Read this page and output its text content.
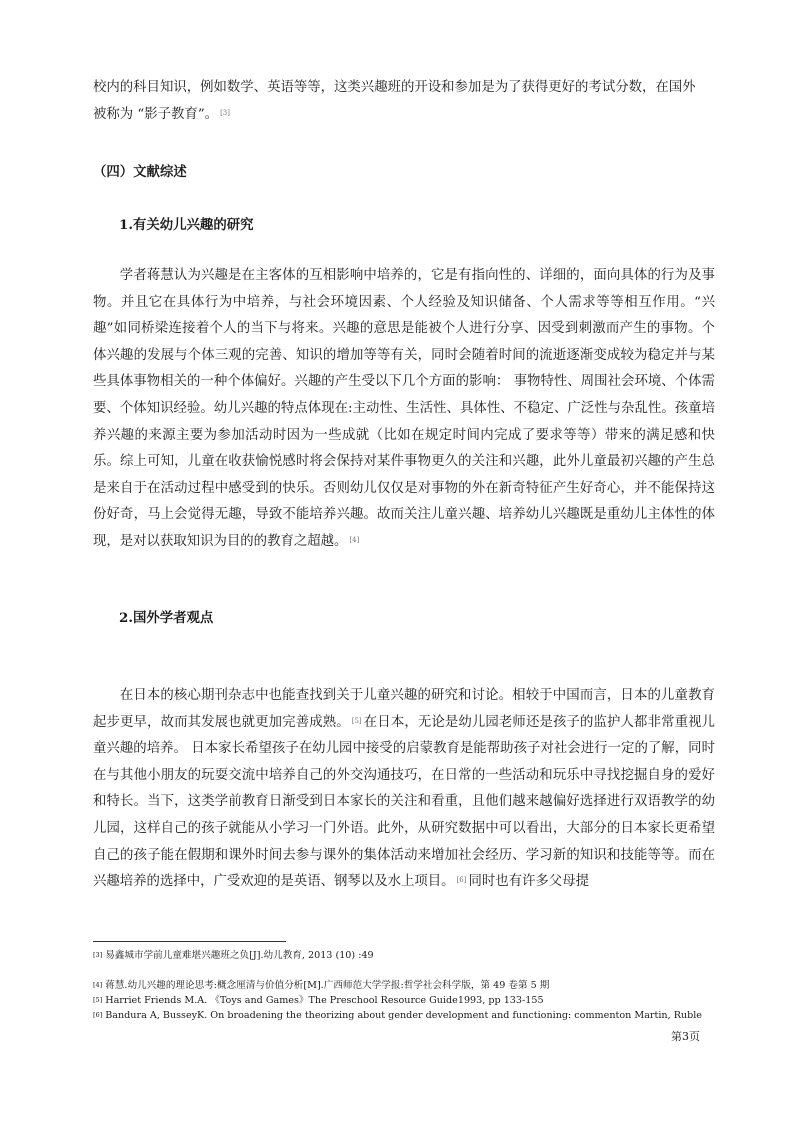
校内的科目知识，例如数学、英语等等，这类兴趣班的开设和参加是为了获得更好的考试分数，在国外
被称为 “影子教育”。 [3]
（四）文献综述
1.有关幼儿兴趣的研究
学者蒋慧认为兴趣是在主客体的互相影响中培养的，它是有指向性的、详细的，面向具体的行为及事物。并且它在具体行为中培养，与社会环境因素、个人经验及知识储备、个人需求等等相互作用。“兴趣”如同桥梁连接着个人的当下与将来。兴趣的意思是能被个人进行分享、因受到刺激而产生的事物。个体兴趣的发展与个体三观的完善、知识的增加等等有关，同时会随着时间的流逝逐渐变成较为稳定并与某些具体事物相关的一种个体偏好。兴趣的产生受以下几个方面的影响： 事物特性、周围社会环境、个体需要、个体知识经验。幼儿兴趣的特点体现在:主动性、生活性、具体性、不稳定、广泛性与杂乱性。孩童培养兴趣的来源主要为参加活动时因为一些成就（比如在规定时间内完成了要求等等）带来的满足感和快乐。综上可知，儿童在收获愉悦感时将会保持对某件事物更久的关注和兴趣，此外儿童最初兴趣的产生总是来自于在活动过程中感受到的快乐。否则幼儿仅仅是对事物的外在新奇特征产生好奇心，并不能保持这份好奇，马上会觉得无趣，导致不能培养兴趣。故而关注儿童兴趣、培养幼儿兴趣既是重幼儿主体性的体现，是对以获取知识为目的的教育之超越。 [4]
2.国外学者观点
在日本的核心期刊杂志中也能查找到关于儿童兴趣的研究和讨论。相较于中国而言，日本的儿童教育起步更早，故而其发展也就更加完善成熟。 [5] 在日本，无论是幼儿园老师还是孩子的监护人都非常重视儿童兴趣的培养。 日本家长希望孩子在幼儿园中接受的启蒙教育是能帮助孩子对社会进行一定的了解，同时在与其他小朋友的玩耍交流中培养自己的外交沟通技巧，在日常的一些活动和玩乐中寻找挖掘自身的爱好和特长。当下，这类学前教育日渐受到日本家长的关注和看重，且他们越来越偏好选择进行双语教学的幼儿园，这样自己的孩子就能从小学习一门外语。此外，从研究数据中可以看出，大部分的日本家长更希望自己的孩子能在假期和课外时间去参与课外的集体活动来增加社会经历、学习新的知识和技能等等。而在兴趣培养的选择中，广受欢迎的是英语、钢琴以及水上项目。 [6] 同时也有许多父母提
[3] 易鑫城市学前儿童难堪兴趣班之负[J].幼儿教育, 2013 (10) :49
[4] 蒋慧.幼儿兴趣的理论思考:概念厘清与价值分析[M].广西师范大学学报:哲学社会科学版，第 49 卷第 5 期
[5] Harriet Friends M.A. 《Toys and Games》The Preschool Resource Guide1993, pp 133-155
[6] Bandura A, BusseyK. On broadening the theorizing about gender development and functioning: commenton Martin, Ruble
第3页
